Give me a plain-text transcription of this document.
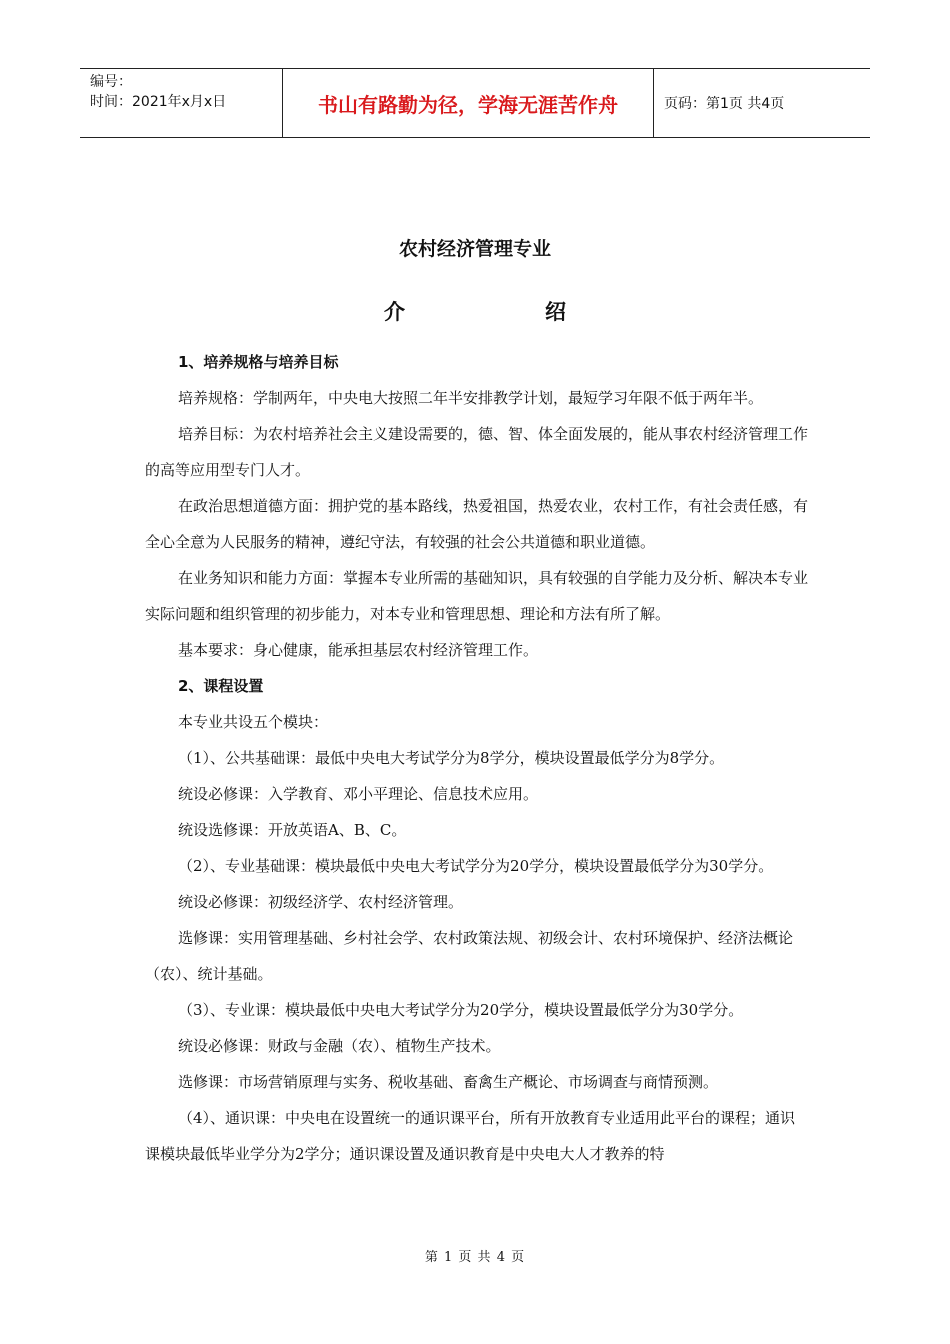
编号：
时间：2021年x月x日	书山有路勤为径，学海无涯苦作舟	页码：第1页 共4页
农村经济管理专业
介	绍

1、培养规格与培养目标

培养规格：学制两年，中央电大按照二年半安排教学计划，最短学习年限不低于两年半。

培养目标：为农村培养社会主义建设需要的，德、智、体全面发展的，能从事农村经济管理工作的高等应用型专门人才。

在政治思想道德方面：拥护党的基本路线，热爱祖国，热爱农业，农村工作，有社会责任感，有全心全意为人民服务的精神，遵纪守法，有较强的社会公共道德和职业道德。

在业务知识和能力方面：掌握本专业所需的基础知识，具有较强的自学能力及分析、解决本专业实际问题和组织管理的初步能力，对本专业和管理思想、理论和方法有所了解。

基本要求：身心健康，能承担基层农村经济管理工作。

2、课程设置

本专业共设五个模块：

（1）、公共基础课：最低中央电大考试学分为8学分，模块设置最低学分为8学分。

统设必修课：入学教育、邓小平理论、信息技术应用。

统设选修课：开放英语A、B、C。

（2）、专业基础课：模块最低中央电大考试学分为20学分，模块设置最低学分为30学分。

统设必修课：初级经济学、农村经济管理。

选修课：实用管理基础、乡村社会学、农村政策法规、初级会计、农村环境保护、经济法概论（农）、统计基础。

（3）、专业课：模块最低中央电大考试学分为20学分，模块设置最低学分为30学分。

统设必修课：财政与金融（农）、植物生产技术。

选修课：市场营销原理与实务、税收基础、畜禽生产概论、市场调查与商情预测。

（4）、通识课：中央电在设置统一的通识课平台，所有开放教育专业适用此平台的课程；通识课模块最低毕业学分为2学分；通识课设置及通识教育是中央电大人才教养的特

第 1 页 共 4 页
